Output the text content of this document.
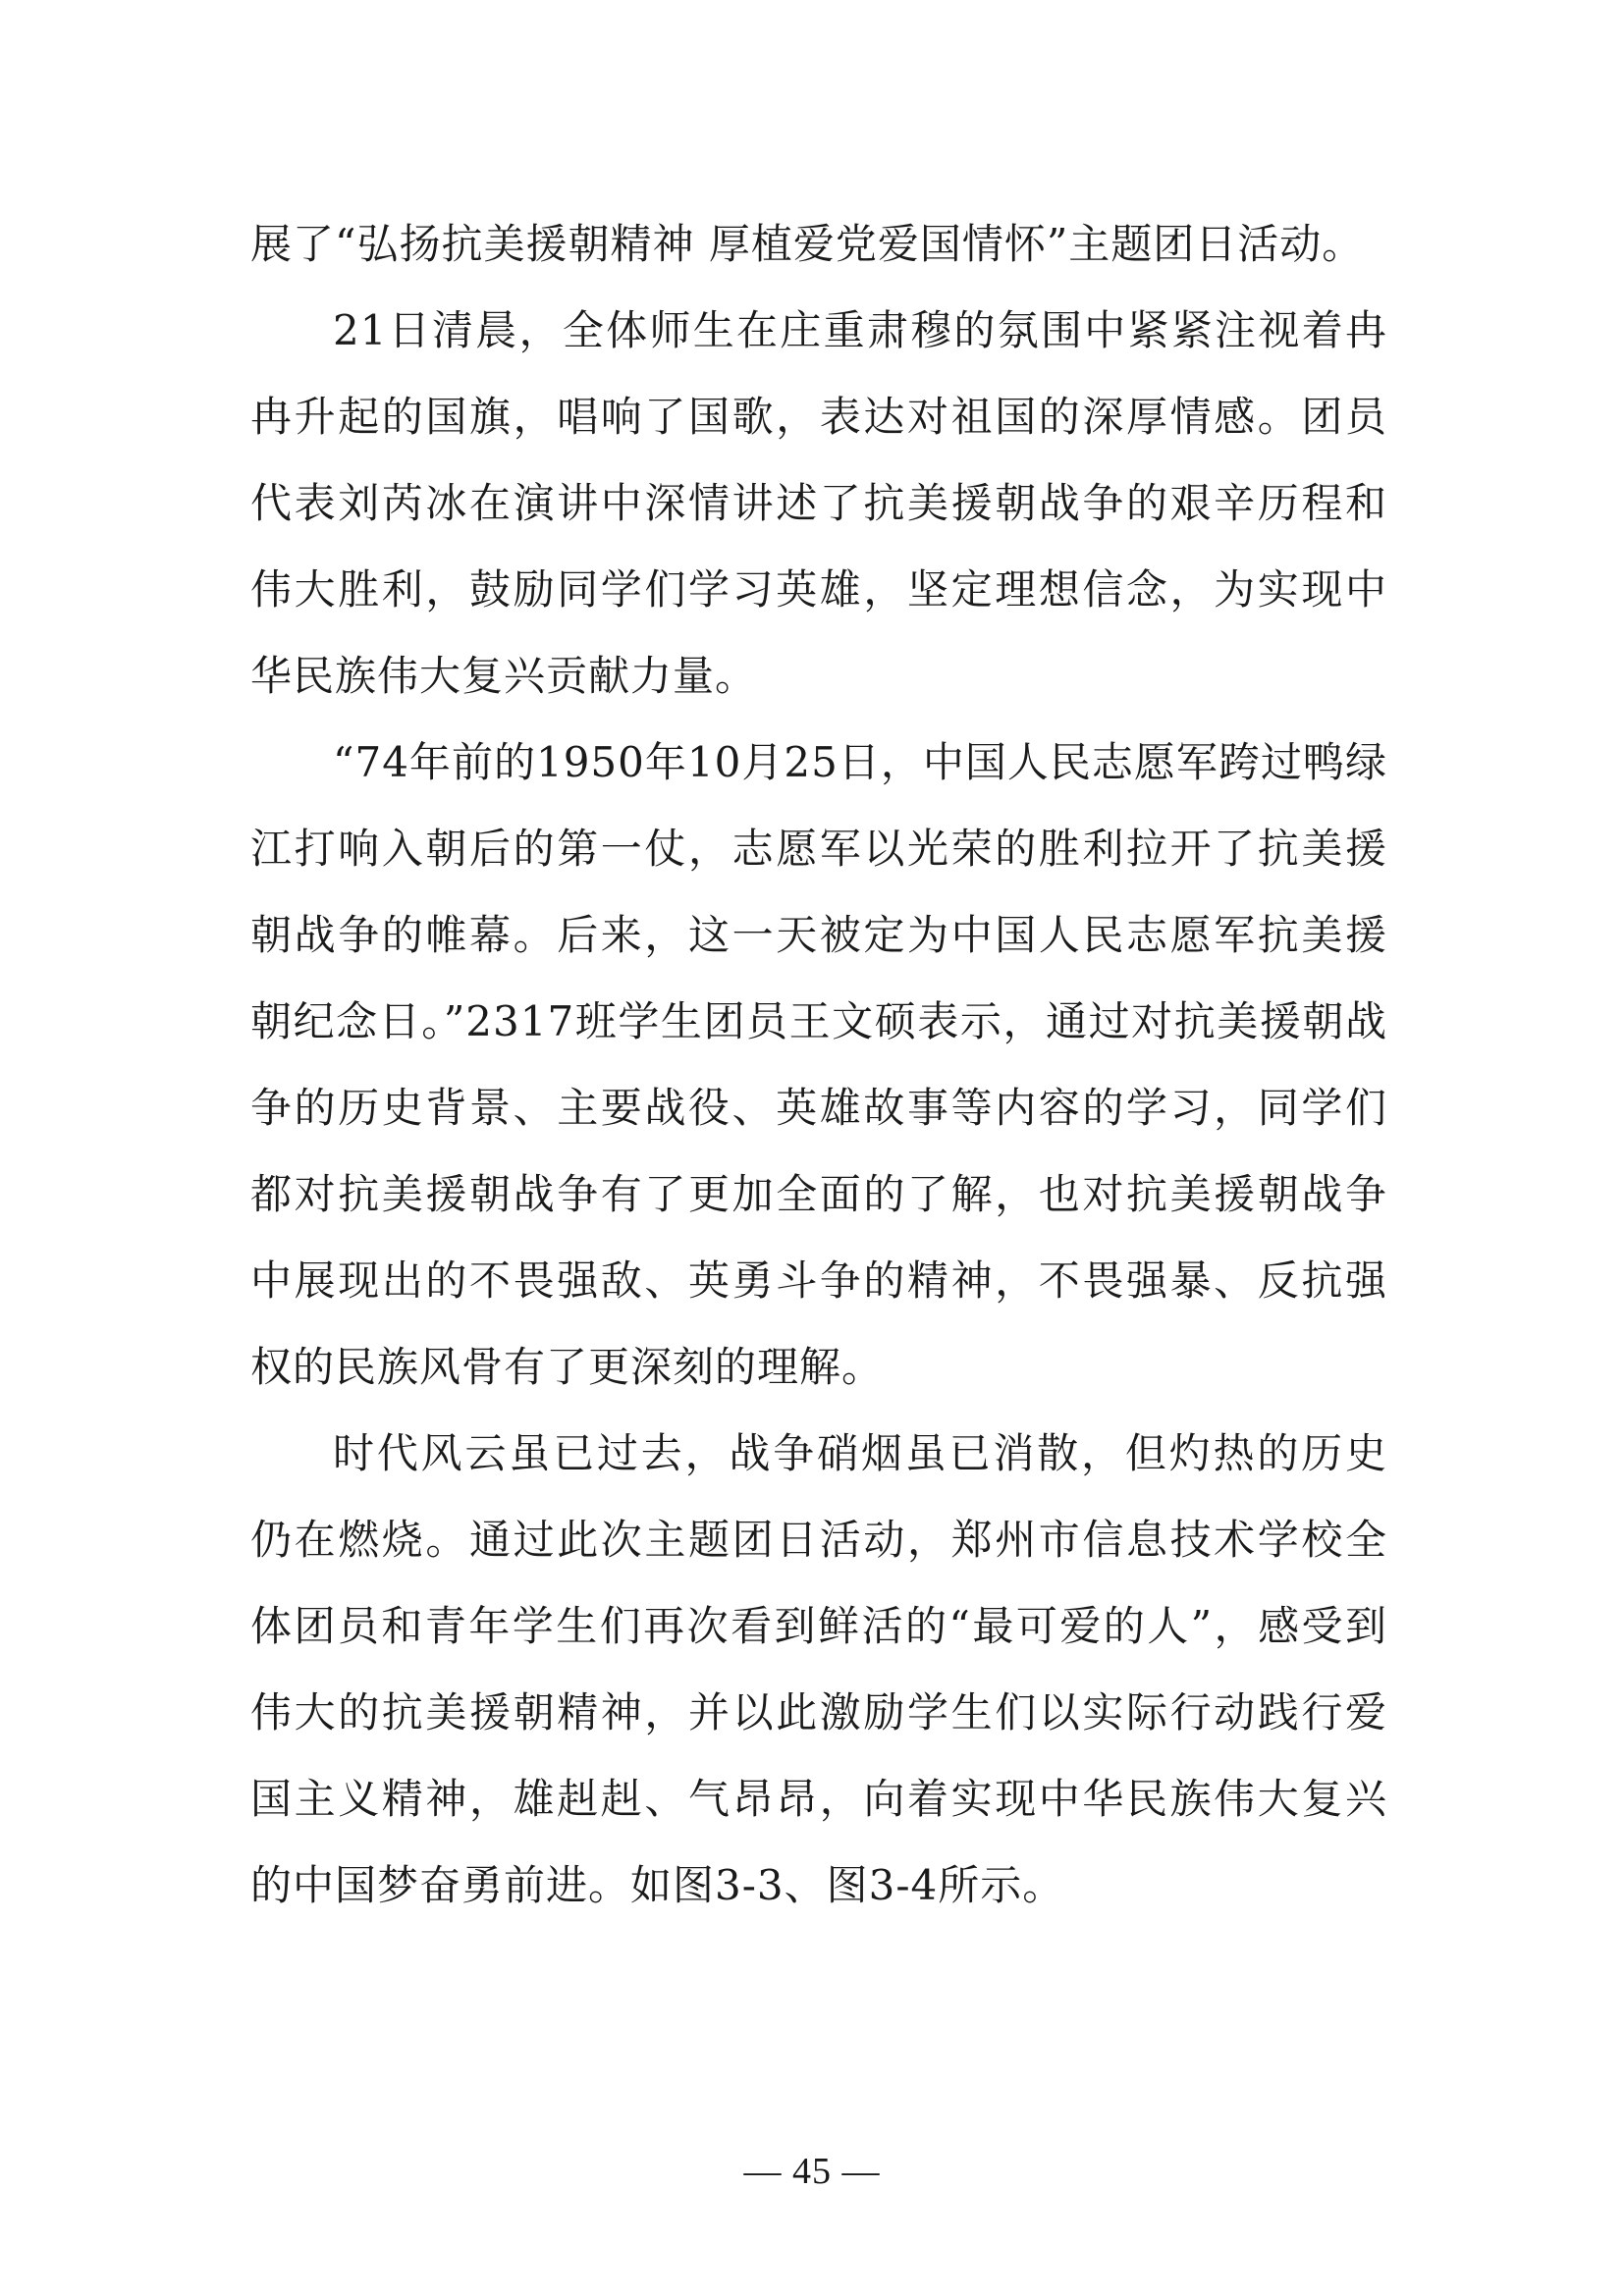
展了“弘扬抗美援朝精神 厚植爱党爱国情怀”主题团日活动。

21日清晨，全体师生在庄重肃穆的氛围中紧紧注视着冉冉升起的国旗，唱响了国歌，表达对祖国的深厚情感。团员代表刘芮冰在演讲中深情讲述了抗美援朝战争的艰辛历程和伟大胜利，鼓励同学们学习英雄，坚定理想信念，为实现中华民族伟大复兴贡献力量。

“74年前的1950年10月25日，中国人民志愿军跨过鸭绿江打响入朝后的第一仗，志愿军以光荣的胜利拉开了抗美援朝战争的帷幕。后来，这一天被定为中国人民志愿军抗美援朝纪念日。”2317班学生团员王文硕表示，通过对抗美援朝战争的历史背景、主要战役、英雄故事等内容的学习，同学们都对抗美援朝战争有了更加全面的了解，也对抗美援朝战争中展现出的不畏强敌、英勇斗争的精神，不畏强暴、反抗强权的民族风骨有了更深刻的理解。

时代风云虽已过去，战争硝烟虽已消散，但灼热的历史仍在燃烧。通过此次主题团日活动，郑州市信息技术学校全体团员和青年学生们再次看到鲜活的“最可爱的人”，感受到伟大的抗美援朝精神，并以此激励学生们以实际行动践行爱国主义精神，雄赳赳、气昂昂，向着实现中华民族伟大复兴的中国梦奋勇前进。如图3-3、图3-4所示。

— 45 —
